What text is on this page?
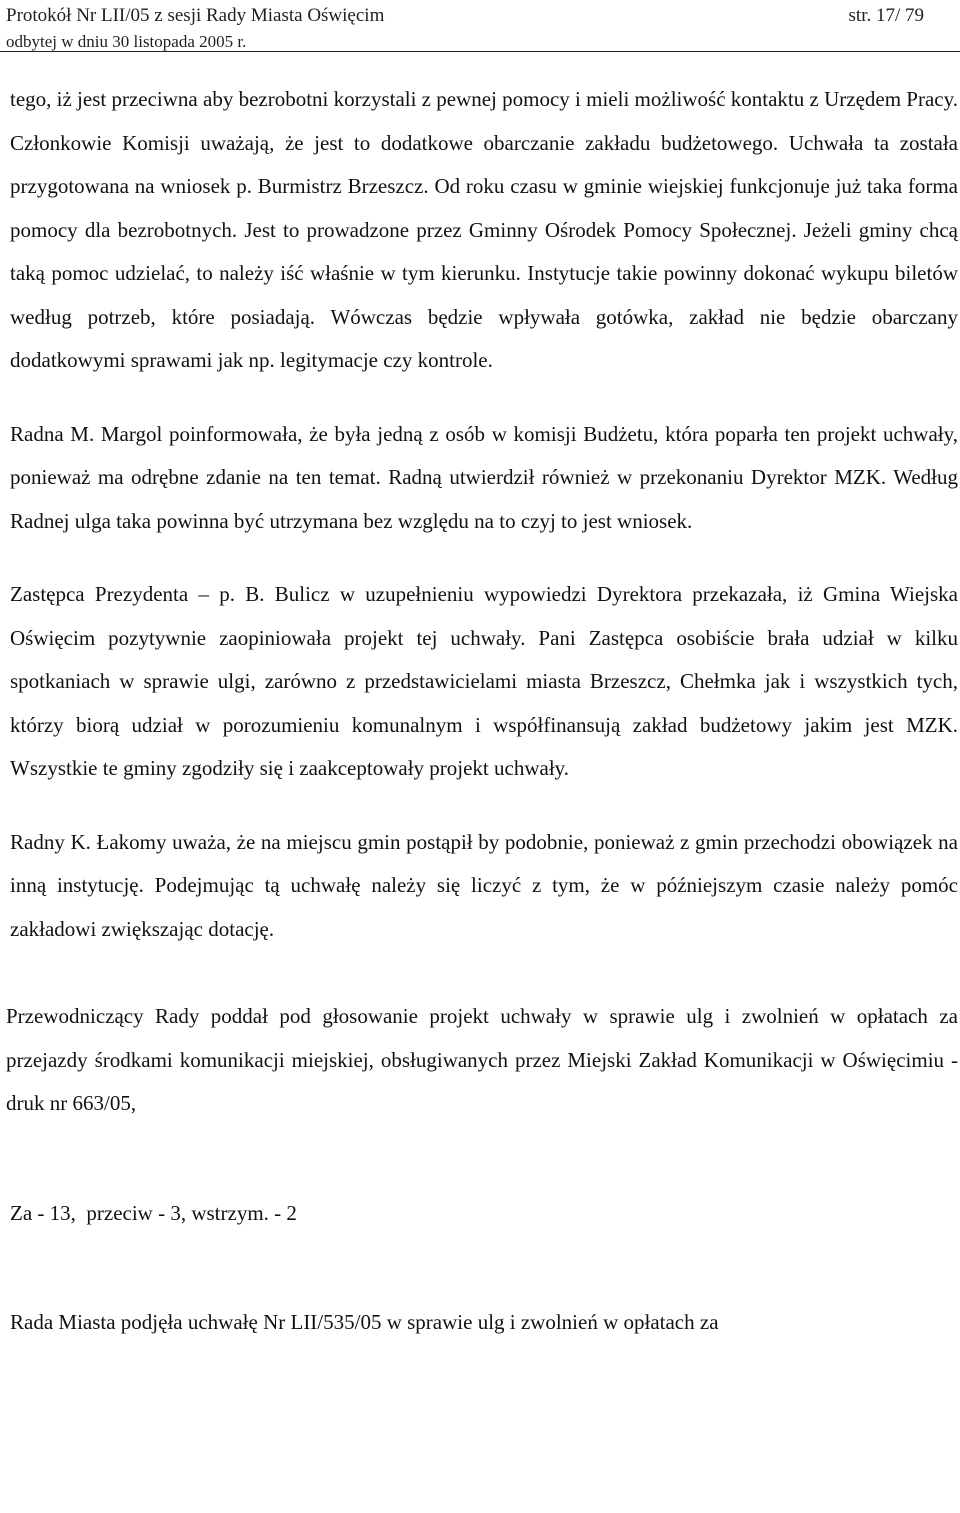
Protokół Nr LII/05 z sesji Rady Miasta Oświęcim
odbytej w dniu 30 listopada 2005 r.
str. 17/ 79

tego, iż jest przeciwna aby bezrobotni korzystali z pewnej pomocy i mieli możliwość kontaktu z Urzędem Pracy. Członkowie Komisji uważają, że jest to dodatkowe obarczanie zakładu budżetowego. Uchwała ta została przygotowana na wniosek p. Burmistrz Brzeszcz. Od roku czasu w gminie wiejskiej funkcjonuje już taka forma pomocy dla bezrobotnych. Jest to prowadzone przez Gminny Ośrodek Pomocy Społecznej. Jeżeli gminy chcą taką pomoc udzielać, to należy iść właśnie w tym kierunku. Instytucje takie powinny dokonać wykupu biletów według potrzeb, które posiadają. Wówczas będzie wpływała gotówka, zakład nie będzie obarczany dodatkowymi sprawami jak np. legitymacje czy kontrole.

Radna M. Margol poinformowała, że była jedną z osób w komisji Budżetu, która poparła ten projekt uchwały, ponieważ ma odrębne zdanie na ten temat. Radną utwierdził również w przekonaniu Dyrektor MZK. Według Radnej ulga taka powinna być utrzymana bez względu na to czyj to jest wniosek.

Zastępca Prezydenta – p. B. Bulicz w uzupełnieniu wypowiedzi Dyrektora przekazała, iż Gmina Wiejska Oświęcim pozytywnie zaopiniowała projekt tej uchwały. Pani Zastępca osobiście brała udział w kilku spotkaniach w sprawie ulgi, zarówno z przedstawicielami miasta Brzeszcz, Chełmka jak i wszystkich tych, którzy biorą udział w porozumieniu komunalnym i współfinansują zakład budżetowy jakim jest MZK. Wszystkie te gminy zgodziły się i zaakceptowały projekt uchwały.

Radny K. Łakomy uważa, że na miejscu gmin postąpił by podobnie, ponieważ z gmin przechodzi obowiązek na inną instytucję. Podejmując tą uchwałę należy się liczyć z tym, że w późniejszym czasie należy pomóc zakładowi zwiększając dotację.

Przewodniczący Rady poddał pod głosowanie projekt uchwały w sprawie ulg i zwolnień w opłatach za przejazdy środkami komunikacji miejskiej, obsługiwanych przez Miejski Zakład Komunikacji w Oświęcimiu - druk nr 663/05,

Za - 13,  przeciw - 3, wstrzym. - 2

Rada Miasta podjęła uchwałę Nr LII/535/05 w sprawie ulg i zwolnień w opłatach za
